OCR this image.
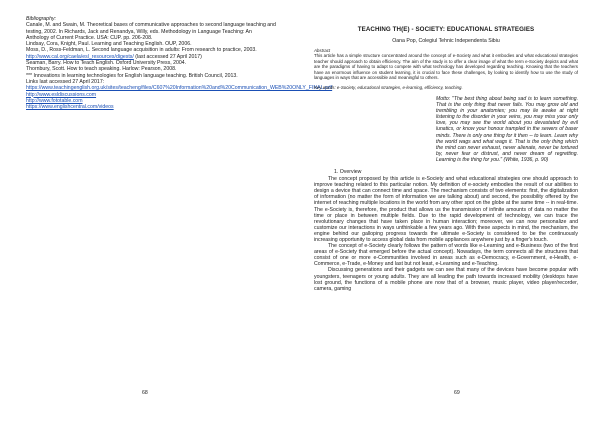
Bibliography:

Canale, M. and Swain, M. Theoretical bases of communicative approaches to second language teaching and testing, 2002. In Richards, Jack and Renandya, Willy, eds. Methodology in Language Teaching: An Anthology of Current Practice. USA: CUP. pp. 206-208.

Lindsay, Cora, Knight, Paul. Learning and Teaching English. OUP, 2006.

Moss, D., Ross-Feldman, L. Second language acquisition in adults: From research to practice, 2003. http://www.cal.org/caela/esl_resources/digests/ (last accessed 27 April 2017)

Seaman, Barry. How to Teach English. Oxford University Press, 2004.

Thornbury, Scott. How to teach speaking. Harlow: Pearson, 2008.

*** Innovations in learning technologies for English language teaching. British Council, 2013.

Links last accessed 27 April 2017:

https://www.teachingenglish.org.uk/sites/teacheng/files/C607%20Information%20and%20Communication_WEB%20ONLY_FINAL.pdf
http://www.esldiscussions.com
http://www.fototable.com
https://www.englishcentral.com/videos
68
TEACHING TH(E) - SOCIETY: EDUCATIONAL STRATEGIES

Oana Pop, Colegiul Tehnic Independenta Sibiu

Abstract

This article has a simple structure concentrated around the concept of e-Society and what it embodies and what educational strategies teacher should approach to obtain efficiency. The aim of the study is to offer a clear image of what the term e-Society depicts and what are the paradigms of having to adapt to compete with what technology has developed regarding teaching. Knowing that the teachers have an enormous influence on student learning, it is crucial to face these challenges, by looking to identify how to use the study of languages in ways that are accessible and meaningful to others.

Key words: e-Society, educational strategies, e-learning, efficiency, teaching.

Motto: "The best thing about being sad is to learn something. That is the only thing that never fails. You may grow old and trembling in your anatomies; you may lie awake at night listening to the disorder in your veins, you may miss your only love, you may see the world about you devastated by evil lunatics, or know your honour trampled in the sewers of baser minds. There is only one thing for it then -- to learn. Learn why the world wags and what wags it. That is the only thing which the mind can never exhaust, never alienate, never be tortured by, never fear or distrust, and never dream of regretting. Learning is the thing for you." (White, 1936, p. 90)

1. Overview

The concept proposed by this article is e-Society and what educational strategies one should approach to improve teaching related to this particular notion. My definition of e-society embodies the result of our abilities to design a device that can connect time and space. The mechanism consists of two elements: first, the digitalization of information (no matter the form of information we are talking about) and second, the possibility offered by the internet of reaching multiple locations in the world from any other spot on the globe at the same time -- in real-time. The e-Society is, therefore, the product that allows us the transmission of infinite amounts of data no matter the time or place in between multiple fields. Due to the rapid development of technology, we can trace the revolutionary changes that have taken place in human interaction; moreover, we can now personalize and customize our interactions in ways unthinkable a few years ago. With these aspects in mind, the mechanism, the engine behind our galloping progress towards the ultimate e-Society is considered to be the continuously increasing opportunity to access global data from mobile appliances anywhere just by a finger's touch.

The concept of e-Society clearly follows the pattern of words like e-Learning and e-Business (two of the first areas of e-Society that emerged before the actual concept). Nowadays, the term connects all the structures that consist of one or more e-Communities involved in areas such as e-Democracy, e-Government, e-Health, e-Commerce, e-Trade, e-Money and last but not least, e-Learning and e-Teaching.

Discussing generations and their gadgets we can see that many of the devices have become popular with youngsters, teenagers or young adults. They are all leading the path towards increased mobility (desktops have lost ground, the functions of a mobile phone are now that of a browser, music player, video player/recorder, camera, gaming

69
